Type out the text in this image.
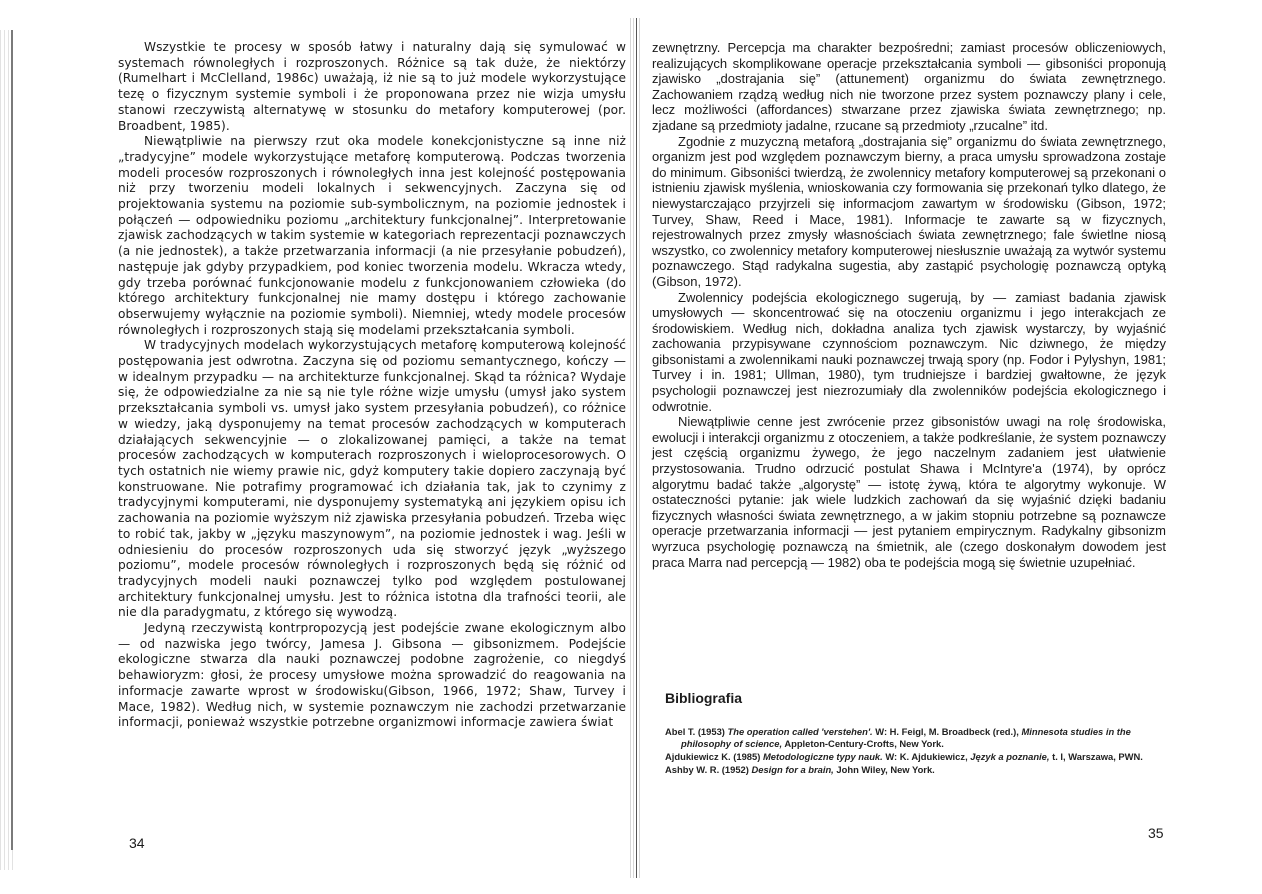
Wszystkie te procesy w sposób łatwy i naturalny dają się symulować w systemach równoległych i rozproszonych. Różnice są tak duże, że niektórzy (Rumelhart i McClelland, 1986c) uważają, iż nie są to już modele wykorzystujące tezę o fizycznym systemie symboli i że proponowana przez nie wizja umysłu stanowi rzeczywistą alternatywę w stosunku do metafory komputerowej (por. Broadbent, 1985).

Niewątpliwie na pierwszy rzut oka modele konekcjonistyczne są inne niż „tradycyjne” modele wykorzystujące metaforę komputerową. Podczas tworzenia modeli procesów rozproszonych i równoległych inna jest kolejność postępowania niż przy tworzeniu modeli lokalnych i sekwencyjnych. Zaczyna się od projektowania systemu na poziomie sub-symbolicznym, na poziomie jednostek i połączeń — odpowiedniku poziomu „architektury funkcjonalnej”. Interpretowanie zjawisk zachodzących w takim systemie w kategoriach reprezentacji poznawczych (a nie jednostek), a także przetwarzania informacji (a nie przesyłanie pobudzeń), następuje jak gdyby przypadkiem, pod koniec tworzenia modelu. Wkracza wtedy, gdy trzeba porównać funkcjonowanie modelu z funkcjonowaniem człowieka (do którego architektury funkcjonalnej nie mamy dostępu i którego zachowanie obserwujemy wyłącznie na poziomie symboli). Niemniej, wtedy modele procesów równoległych i rozproszonych stają się modelami przekształcania symboli.

W tradycyjnych modelach wykorzystujących metaforę komputerową kolejność postępowania jest odwrotna. Zaczyna się od poziomu semantycznego, kończy — w idealnym przypadku — na architekturze funkcjonalnej. Skąd ta różnica? Wydaje się, że odpowiedzialne za nie są nie tyle różne wizje umysłu (umysł jako system przekształcania symboli vs. umysł jako system przesyłania pobudzeń), co różnice w wiedzy, jaką dysponujemy na temat procesów zachodzących w komputerach działających sekwencyjnie — o zlokalizowanej pamięci, a także na temat procesów zachodzących w komputerach rozproszonych i wieloprocesorowych. O tych ostatnich nie wiemy prawie nic, gdyż komputery takie dopiero zaczynają być konstruowane. Nie potrafimy programować ich działania tak, jak to czynimy z tradycyjnymi komputerami, nie dysponujemy systematyką ani językiem opisu ich zachowania na poziomie wyższym niż zjawiska przesyłania pobudzeń. Trzeba więc to robić tak, jakby w „języku maszynowym”, na poziomie jednostek i wag. Jeśli w odniesieniu do procesów rozproszonych uda się stworzyć język „wyższego poziomu”, modele procesów równoległych i rozproszonych będą się różnić od tradycyjnych modeli nauki poznawczej tylko pod względem postulowanej architektury funkcjonalnej umysłu. Jest to różnica istotna dla trafności teorii, ale nie dla paradygmatu, z którego się wywodzą.

Jedyną rzeczywistą kontrpropozycją jest podejście zwane ekologicznym albo — od nazwiska jego twórcy, Jamesa J. Gibsona — gibsonizmem. Podejście ekologiczne stwarza dla nauki poznawczej podobne zagrożenie, co niegdyś behawioryzm: głosi, że procesy umysłowe można sprowadzić do reagowania na informacje zawarte wprost w środowisku(Gibson, 1966, 1972; Shaw, Turvey i Mace, 1982). Według nich, w systemie poznawczym nie zachodzi przetwarzanie informacji, ponieważ wszystkie potrzebne organizmowi informacje zawiera świat

zewnętrzny. Percepcja ma charakter bezpośredni; zamiast procesów obliczeniowych, realizujących skomplikowane operacje przekształcania symboli — gibsoniści proponują zjawisko „dostrajania się” (attunement) organizmu do świata zewnętrznego. Zachowaniem rządzą według nich nie tworzone przez system poznawczy plany i cele, lecz możliwości (affordances) stwarzane przez zjawiska świata zewnętrznego; np. zjadane są przedmioty jadalne, rzucane są przedmioty „rzucalne” itd.

Zgodnie z muzyczną metaforą „dostrajania się” organizmu do świata zewnętrznego, organizm jest pod względem poznawczym bierny, a praca umysłu sprowadzona zostaje do minimum. Gibsoniści twierdzą, że zwolennicy metafory komputerowej są przekonani o istnieniu zjawisk myślenia, wnioskowania czy formowania się przekonań tylko dlatego, że niewystarczająco przyjrzeli się informacjom zawartym w środowisku (Gibson, 1972; Turvey, Shaw, Reed i Mace, 1981). Informacje te zawarte są w fizycznych, rejestrowalnych przez zmysły własnościach świata zewnętrznego; fale świetlne niosą wszystko, co zwolennicy metafory komputerowej niesłusznie uważają za wytwór systemu poznawczego. Stąd radykalna sugestia, aby zastąpić psychologię poznawczą optyką (Gibson, 1972).

Zwolennicy podejścia ekologicznego sugerują, by — zamiast badania zjawisk umysłowych — skoncentrować się na otoczeniu organizmu i jego interakcjach ze środowiskiem. Według nich, dokładna analiza tych zjawisk wystarczy, by wyjaśnić zachowania przypisywane czynnościom poznawczym. Nic dziwnego, że między gibsonistami a zwolennikami nauki poznawczej trwają spory (np. Fodor i Pylyshyn, 1981; Turvey i in. 1981; Ullman, 1980), tym trudniejsze i bardziej gwałtowne, że język psychologii poznawczej jest niezrozumiały dla zwolenników podejścia ekologicznego i odwrotnie.

Niewątpliwie cenne jest zwrócenie przez gibsonistów uwagi na rolę środowiska, ewolucji i interakcji organizmu z otoczeniem, a także podkreślanie, że system poznawczy jest częścią organizmu żywego, że jego naczelnym zadaniem jest ułatwienie przystosowania. Trudno odrzucić postulat Shawa i McIntyre'a (1974), by oprócz algorytmu badać także „algorystę” — istotę żywą, która te algorytmy wykonuje. W ostateczności pytanie: jak wiele ludzkich zachowań da się wyjaśnić dzięki badaniu fizycznych własności świata zewnętrznego, a w jakim stopniu potrzebne są poznawcze operacje przetwarzania informacji — jest pytaniem empirycznym. Radykalny gibsonizm wyrzuca psychologię poznawczą na śmietnik, ale (czego doskonałym dowodem jest praca Marra nad percepcją — 1982) oba te podejścia mogą się świetnie uzupełniać.

Bibliografia
Abel T. (1953) The operation called 'verstehen'. W: H. Feigl, M. Broadbeck (red.), Minnesota studies in the philosophy of science, Appleton-Century-Crofts, New York.
Ajdukiewicz K. (1985) Metodologiczne typy nauk. W: K. Ajdukiewicz, Język a poznanie, t. I, Warszawa, PWN.
Ashby W. R. (1952) Design for a brain, John Wiley, New York.
34
35
